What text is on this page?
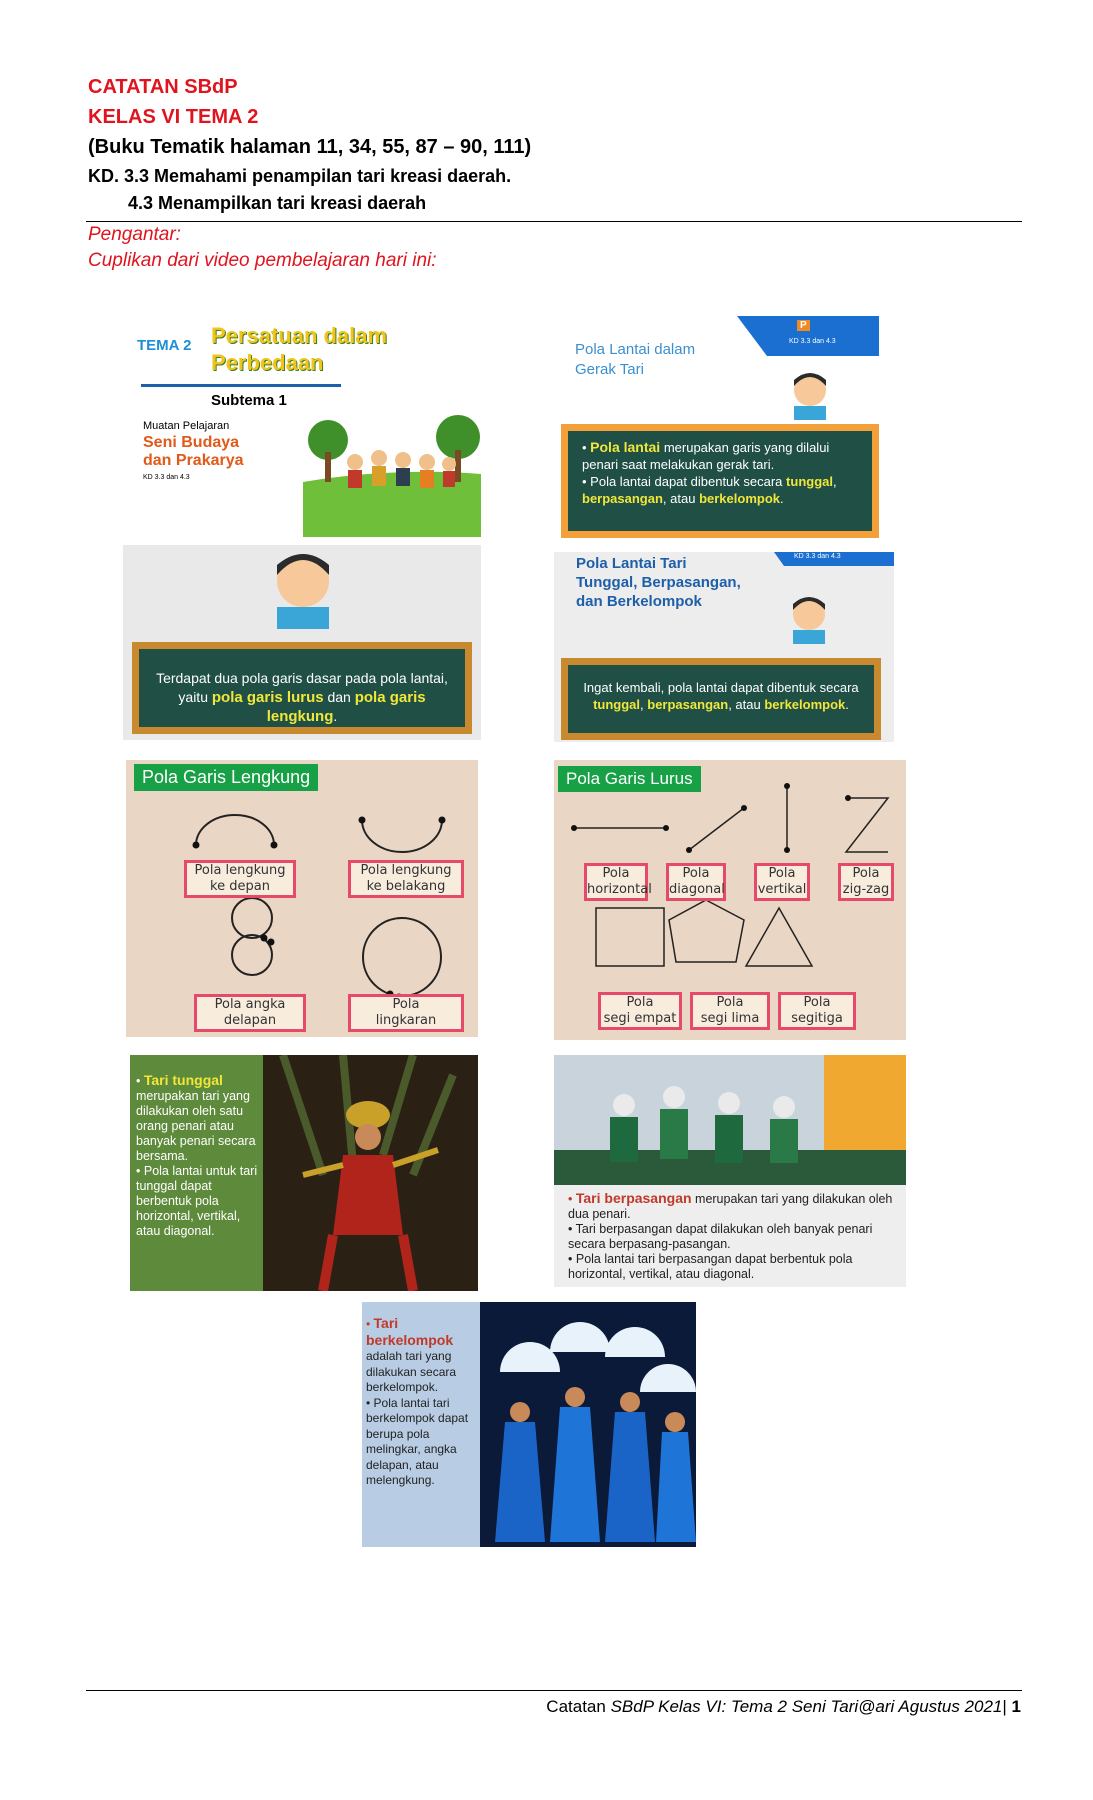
CATATAN SBdP
KELAS VI TEMA 2
(Buku Tematik halaman 11, 34, 55, 87 – 90, 111)
KD. 3.3 Memahami penampilan tari kreasi daerah.
4.3 Menampilkan tari kreasi daerah
Pengantar:
Cuplikan dari video pembelajaran hari ini:
TEMA 2 Persatuan dalam
Perbedaan
Subtema 1
Muatan Pelajaran
Seni Budaya
dan Prakarya
KD 3.3 dan 4.3
P
KD 3.3 dan 4.3
Pola Lantai dalam
Gerak Tari
• Pola lantai merupakan garis yang dilalui penari saat melakukan gerak tari.
• Pola lantai dapat dibentuk secara tunggal, berpasangan, atau berkelompok.
Terdapat dua pola garis dasar pada pola lantai, yaitu pola garis lurus dan pola garis lengkung.
KD 3.3 dan 4.3
Pola Lantai Tari
Tunggal, Berpasangan,
dan Berkelompok
Ingat kembali, pola lantai dapat dibentuk secara tunggal, berpasangan, atau berkelompok.
Pola Garis Lengkung
Pola lengkung
ke depan
Pola lengkung
ke belakang
Pola angka
delapan
Pola
lingkaran
Pola Garis Lurus
Pola
horizontal
Pola
diagonal
Pola
vertikal
Pola
zig-zag
Pola
segi empat
Pola
segi lima
Pola
segitiga
• Tari tunggal
merupakan tari yang dilakukan oleh satu orang penari atau banyak penari secara bersama.
• Pola lantai untuk tari tunggal dapat berbentuk pola horizontal, vertikal, atau diagonal.
• Tari berpasangan merupakan tari yang dilakukan oleh dua penari.
• Tari berpasangan dapat dilakukan oleh banyak penari secara berpasang-pasangan.
• Pola lantai tari berpasangan dapat berbentuk pola horizontal, vertikal, atau diagonal.
• Tari berkelompok
adalah tari yang dilakukan secara berkelompok.
• Pola lantai tari berkelompok dapat berupa pola melingkar, angka delapan, atau melengkung.
Catatan SBdP Kelas VI: Tema 2 Seni Tari@ari Agustus 2021| 1
